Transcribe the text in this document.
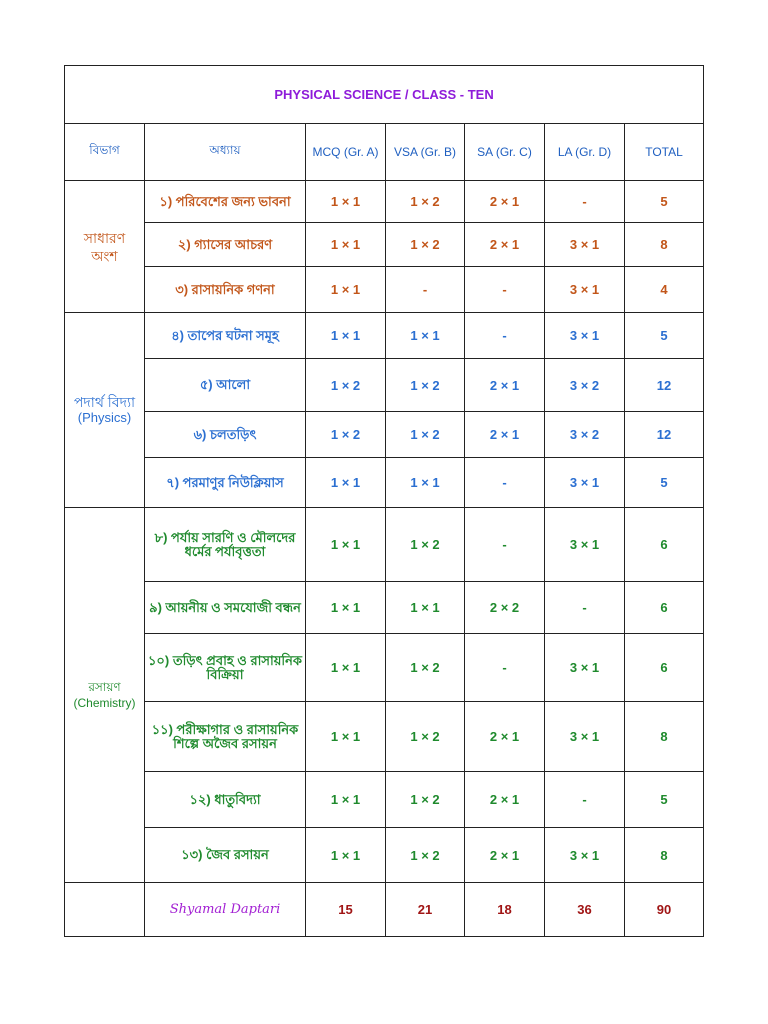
PHYSICAL SCIENCE / CLASS - TEN						
বিভাগ	অধ্যায়	MCQ (Gr. A)	VSA (Gr. B)	SA (Gr. C)	LA (Gr. D)	TOTAL
সাধারণ অংশ	১) পরিবেশের জন্য ভাবনা	1 × 1	1 × 2	2 × 1	-	5
	২) গ্যাসের আচরণ	1 × 1	1 × 2	2 × 1	3 × 1	8
	৩) রাসায়নিক গণনা	1 × 1	-	-	3 × 1	4

পদার্থ বিদ্যা
(Physics)	৪) তাপের ঘটনা সমূহ	1 × 1	1 × 1	-	3 × 1	5
	৫) আলো	1 × 2	1 × 2	2 × 1	3 × 2	12
	৬) চলতড়িৎ	1 × 2	1 × 2	2 × 1	3 × 2	12
	৭) পরমাণুর নিউক্লিয়াস	1 × 1	1 × 1	-	3 × 1	5

রসায়ণ
(Chemistry)	৮) পর্যায় সারণি ও মৌলদের ধর্মের পর্যাবৃত্ততা	1 × 1	1 × 2	-	3 × 1	6
	৯) আয়নীয় ও সমযোজী বন্ধন	1 × 1	1 × 1	2 × 2	-	6
	১০) তড়িৎ প্রবাহ ও রাসায়নিক বিক্রিয়া	1 × 1	1 × 2	-	3 × 1	6
	১১) পরীক্ষাগার ও রাসায়নিক শিল্পে অজৈব রসায়ন	1 × 1	1 × 2	2 × 1	3 × 1	8
	১২) ধাতুবিদ্যা	1 × 1	1 × 2	2 × 1	-	5
	১৩) জৈব রসায়ন	1 × 1	1 × 2	2 × 1	3 × 1	8
	Shyamal Daptari	15	21	18	36	90
